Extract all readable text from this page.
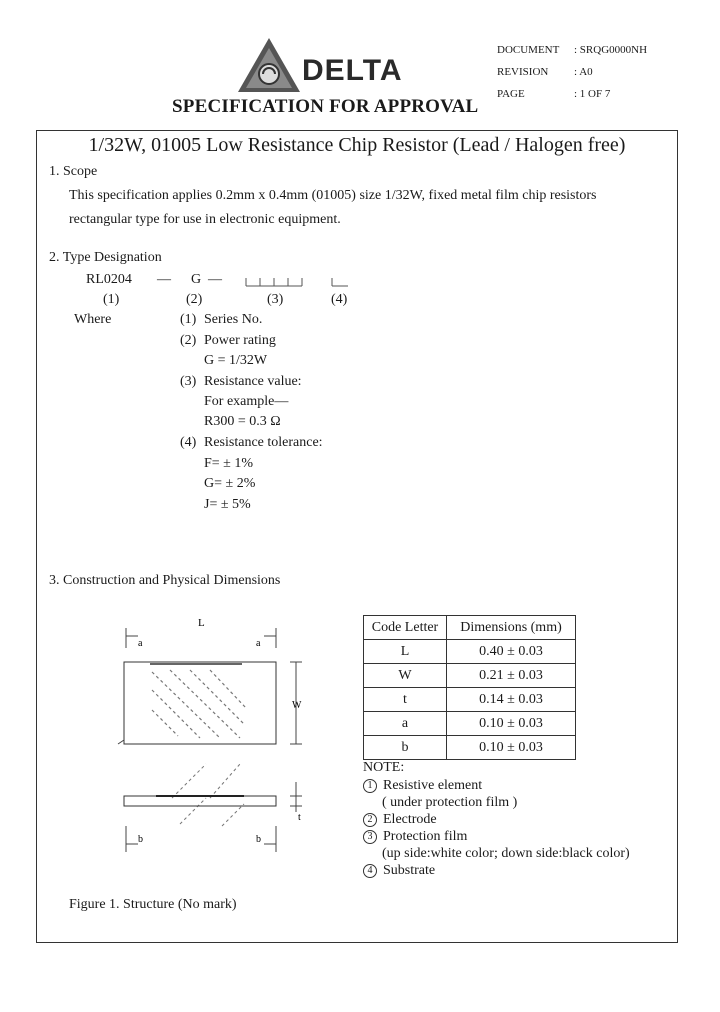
DELTA
SPECIFICATION FOR APPROVAL
DOCUMENT : SRQG0000NH
REVISION : A0
PAGE	: 1 OF 7
1/32W, 01005 Low Resistance Chip Resistor (Lead / Halogen free)
1. Scope
This specification applies 0.2mm x 0.4mm (01005) size 1/32W, fixed metal film chip resistors
rectangular type for use in electronic equipment.
2. Type Designation
RL0204 — G —
(1)	(2)	(3)	(4)
Where	(1) Series No.
(2) Power rating
G = 1/32W
(3) Resistance value:
For example—
R300 = 0.3 Ω
(4) Resistance tolerance:
F= ± 1%
G= ± 2%
J= ± 5%
3. Construction and Physical Dimensions
L
a	a
W
t
b	b
Code Letter	Dimensions (mm)
L	0.40 ± 0.03
W	0.21 ± 0.03
t	0.14 ± 0.03
a	0.10 ± 0.03
b	0.10 ± 0.03
NOTE:
1 Resistive element
( under protection film )
2 Electrode
3 Protection film
(up side:white color; down side:black color)
4 Substrate
Figure 1. Structure (No mark)
